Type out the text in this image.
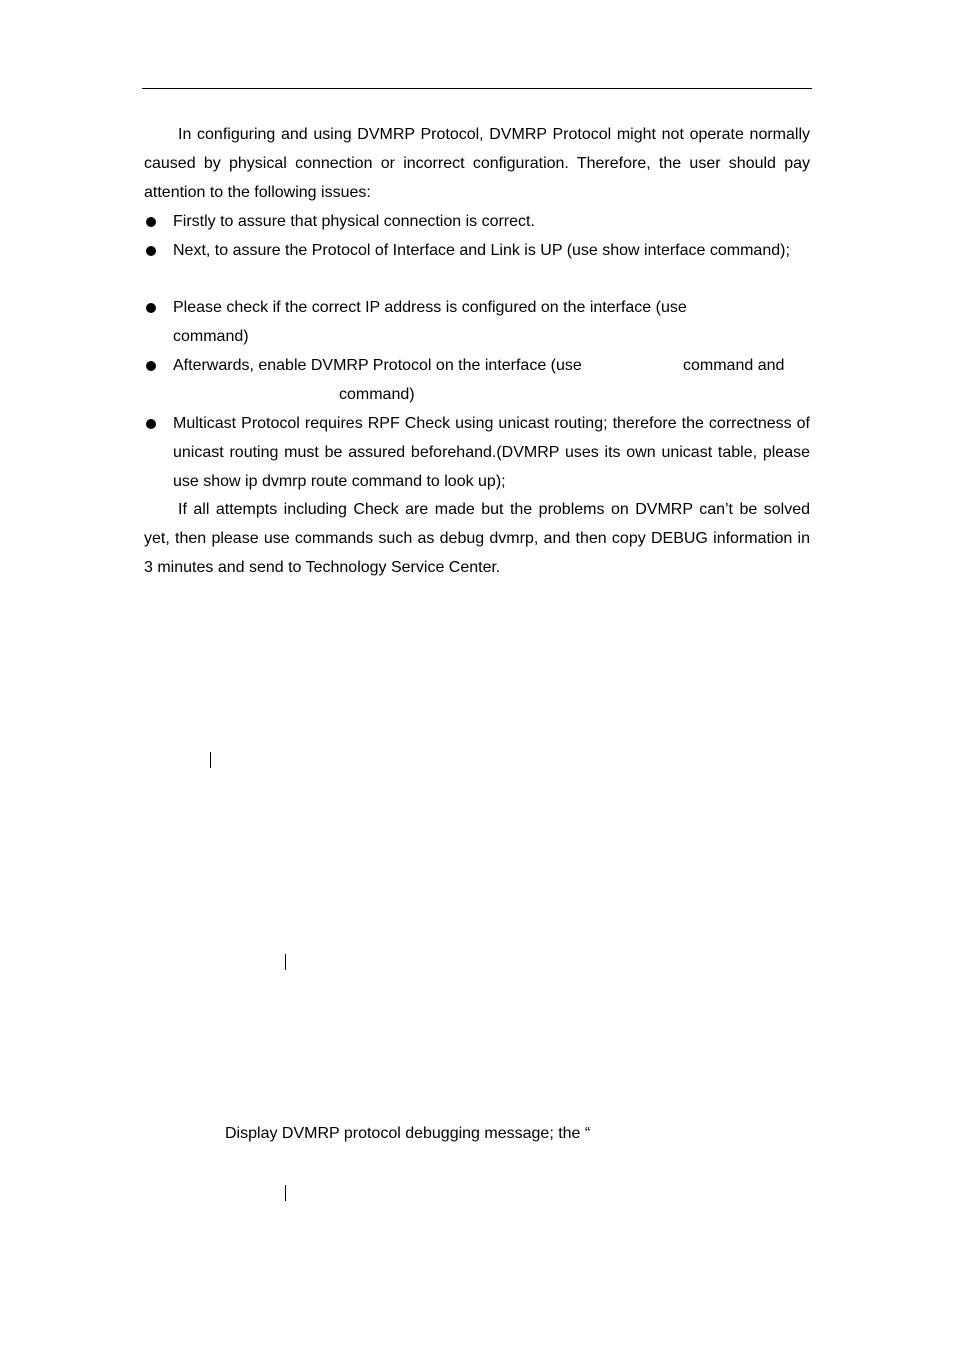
In configuring and using DVMRP Protocol, DVMRP Protocol might not operate normally caused by physical connection or incorrect configuration. Therefore, the user should pay attention to the following issues:

Firstly to assure that physical connection is correct.
Next, to assure the Protocol of Interface and Link is UP (use show interface command);
Please check if the correct IP address is configured on the interface (use
command)
Afterwards, enable DVMRP Protocol on the interface (use	command and
command)
Multicast Protocol requires RPF Check using unicast routing; therefore the correctness of unicast routing must be assured beforehand.(DVMRP uses its own unicast table, please use show ip dvmrp route command to look up);

If all attempts including Check are made but the problems on DVMRP can’t be solved yet, then please use commands such as debug dvmrp, and then copy DEBUG information in 3 minutes and send to Technology Service Center.

Display DVMRP protocol debugging message; the “
